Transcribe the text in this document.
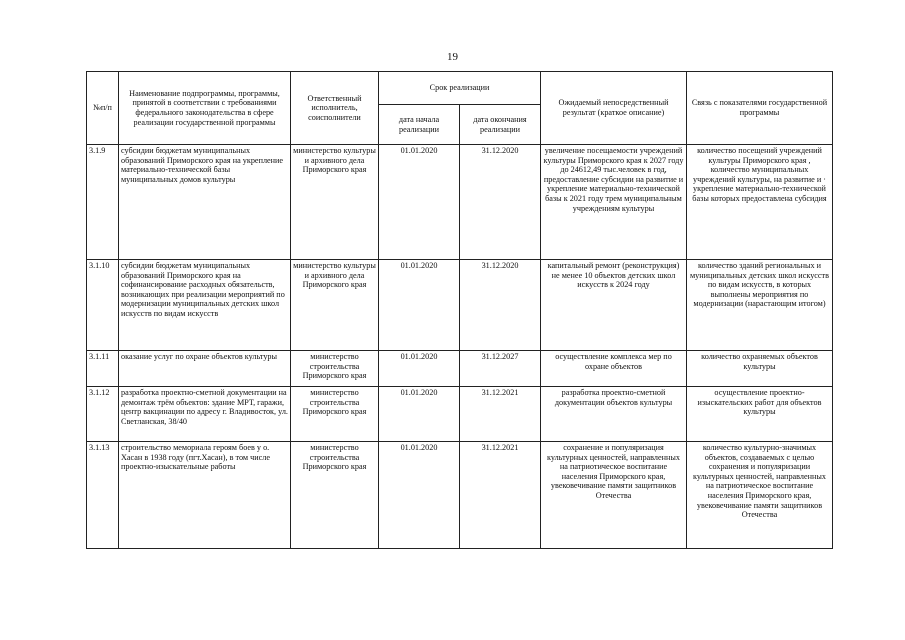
19
№п/п	Наименование подпрограммы, программы, принятой в соответствии с требованиями федерального законодательства в сфере реализации государственной программы	Ответственный исполнитель, соисполнители	Срок реализации		Ожидаемый непосредственный результат (краткое описание)	Связь с показателями государственной программы
			дата начала реализации	дата окончания реализации		
3.1.9	субсидии бюджетам муниципальных образований Приморского края на укрепление материально-технической базы муниципальных домов культуры	министерство культуры и архивного дела Приморского края	01.01.2020	31.12.2020	увеличение посещаемости учреждений культуры Приморского края к 2027 году до 24612,49 тыс.человек в год, предоставление субсидии на развитие и укрепление материально-технической базы к 2021 году трем муниципальным учреждениям культуры	количество посещений учреждений культуры Приморского края , количество муниципальных учреждений культуры, на развитие и · укрепление материально-технической базы которых предоставлена субсидия
3.1.10	субсидии бюджетам муниципальных образований Приморского края на софинансирование расходных обязательств, возникающих при реализации мероприятий по модернизации муниципальных детских школ искусств по видам искусств	министерство культуры и архивного дела Приморского края	01.01.2020	31.12.2020	капитальный ремонт (реконструкция) не менее 10 объектов детских школ искусств к 2024 году	количество зданий региональных и муниципальных детских школ искусств по видам искусств, в которых выполнены мероприятия по модернизации (нарастающим итогом)
3.1.11	оказание услуг по охране объектов культуры	министерство строительства Приморского края	01.01.2020	31.12.2027	осуществление комплекса мер по охране объектов	количество охраняемых объектов культуры
3.1.12	разработка проектно-сметной документации на демонтаж трём объектов: здание МРТ, гаражи, центр вакцинации по адресу г. Владивосток, ул. Светланская, 38/40	министерство строительства Приморского края	01.01.2020	31.12.2021	разработка проектно-сметной документации объектов культуры	осуществление проектно-изыскательских работ для объектов культуры
3.1.13	строительство мемориала героям боев у о. Хасан в 1938 году (пгт.Хасан), в том числе проектно-изыскательные работы	министерство строительства Приморского края	01.01.2020	31.12.2021	сохранение и популяризация культурных ценностей, направленных на патриотическое воспитание населения Приморского края, увековечивание памяти защитников Отечества	количество культурно-значимых объектов, создаваемых с целью сохранения и популяризации культурных ценностей, направленных на патриотическое воспитание населения Приморского края, увековечивание памяти защитников Отечества
